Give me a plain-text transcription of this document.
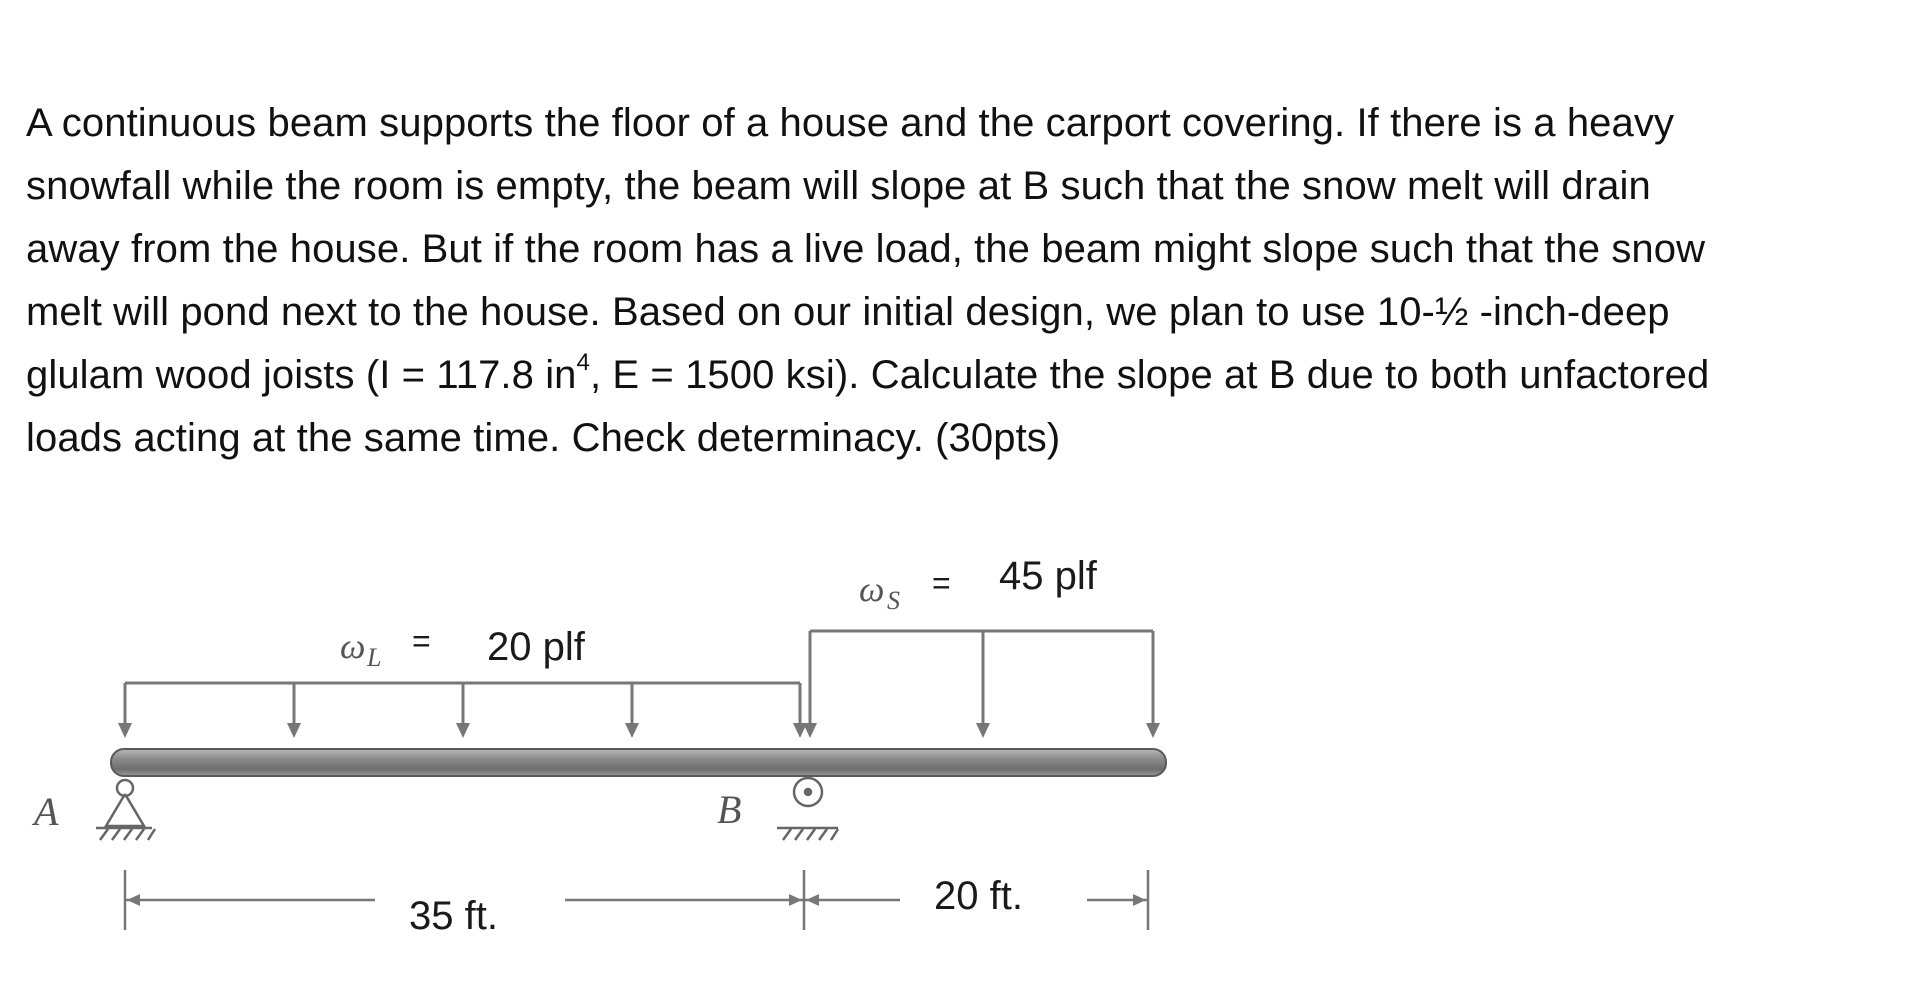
A continuous beam supports the floor of a house and the carport covering. If there is a heavy
snowfall while the room is empty, the beam will slope at B such that the snow melt will drain
away from the house. But if the room has a live load, the beam might slope such that the snow
melt will pond next to the house. Based on our initial design, we plan to use 10-½ -inch-deep
glulam wood joists (I = 117.8 $in^4$, E = 1500 ksi). Calculate the slope at B due to both unfactored
loads acting at the same time. Check determinacy. (30pts)
A	B
ω L = 20 plf
ω S = 45 plf
35 ft.	20 ft.
